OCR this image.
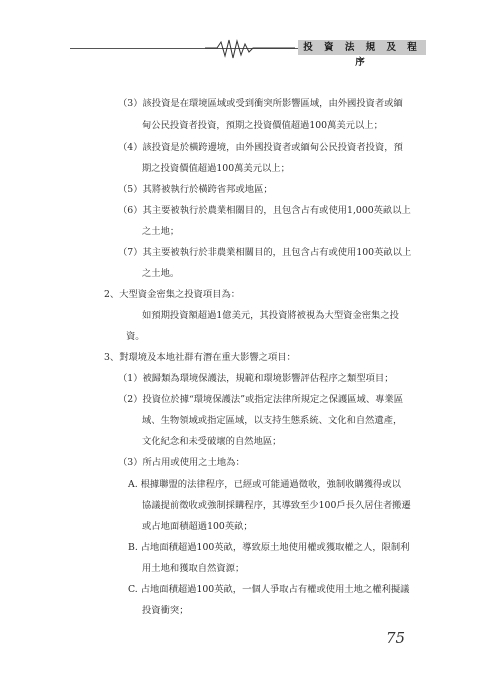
投 資 法 規 及 程 序
（3）該投資是在環境區域或受到衝突所影響區域，由外國投資者或緬
甸公民投資者投資，預期之投資價值超過100萬美元以上；
（4）該投資是於橫跨邊境，由外國投資者或緬甸公民投資者投資，預
期之投資價值超過100萬美元以上；
（5）其將被執行於橫跨省邦或地區；
（6）其主要被執行於農業相關目的，且包含占有或使用1,000英畝以上
之土地；
（7）其主要被執行於非農業相關目的，且包含占有或使用100英畝以上
之土地。
2、大型資金密集之投資項目為：
如預期投資額超過1億美元，其投資將被視為大型資金密集之投
資。
3、對環境及本地社群有潛在重大影響之項目：
（1）被歸類為環境保護法，規範和環境影響評估程序之類型項目；
（2）投資位於據“環境保護法”或指定法律所規定之保護區域、專業區
域、生物領域或指定區域，以支持生態系統、文化和自然遺產，
文化紀念和未受破壞的自然地區；
（3）所占用或使用之土地為：
A. 根據聯盟的法律程序，已經或可能通過徵收，強制收購獲得或以
協議提前徵收或強制採購程序，其導致至少100戶長久居住者搬遷
或占地面積超過100英畝；
B. 占地面積超過100英畝，導致原土地使用權或獲取權之人，限制利
用土地和獲取自然資源；
C. 占地面積超過100英畝，一個人爭取占有權或使用土地之權利擬議
投資衝突；
75
